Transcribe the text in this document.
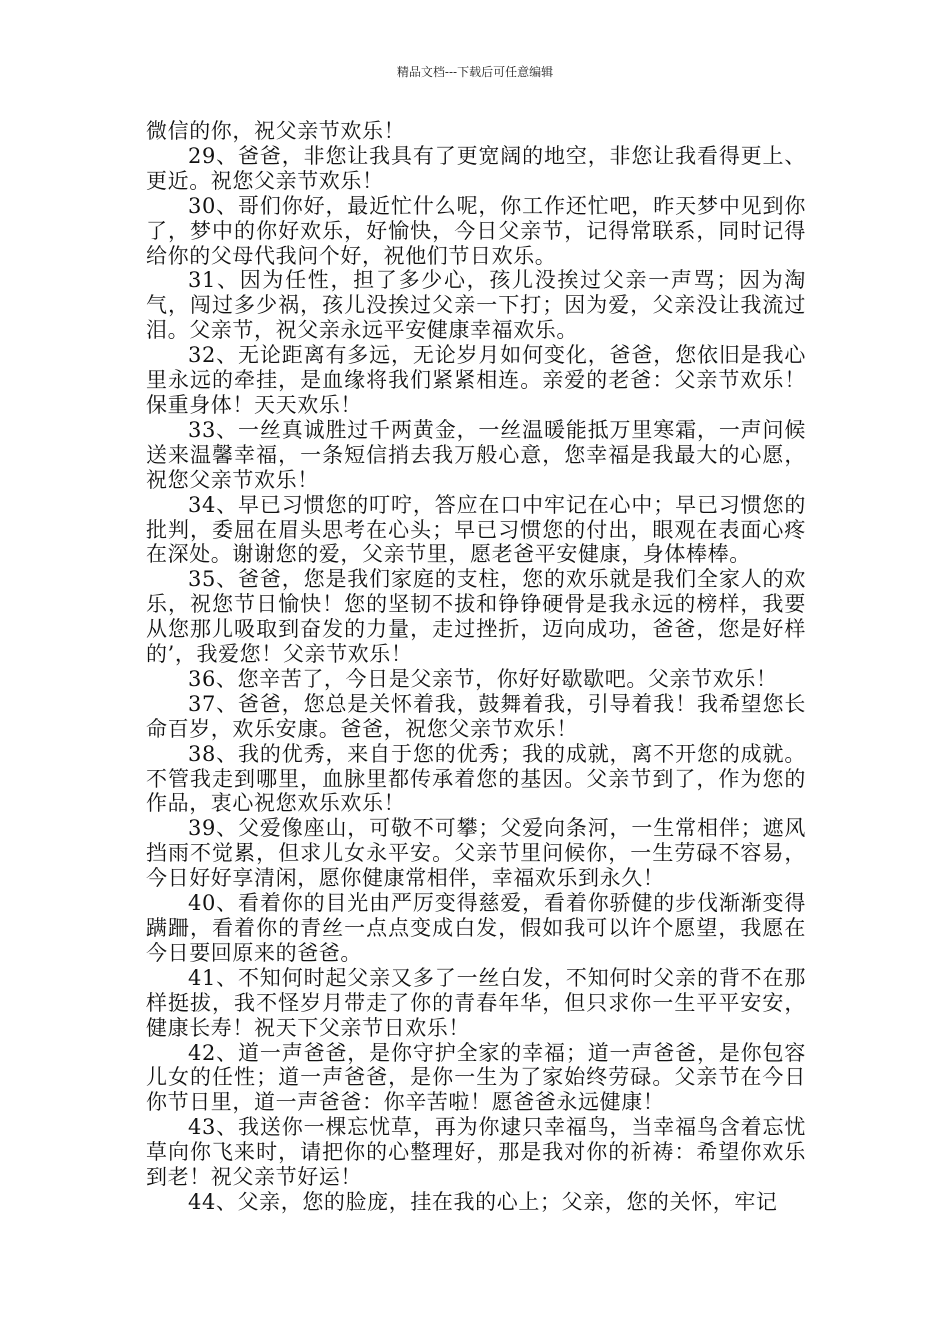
精品文档---下载后可任意编辑

微信的你，祝父亲节欢乐！

29、爸爸，非您让我具有了更宽阔的地空，非您让我看得更上、更近。祝您父亲节欢乐！

30、哥们你好，最近忙什么呢，你工作还忙吧，昨天梦中见到你了，梦中的你好欢乐，好愉快，今日父亲节，记得常联系，同时记得给你的父母代我问个好，祝他们节日欢乐。

31、因为任性，担了多少心，孩儿没挨过父亲一声骂；因为淘气，闯过多少祸，孩儿没挨过父亲一下打；因为爱，父亲没让我流过泪。父亲节，祝父亲永远平安健康幸福欢乐。

32、无论距离有多远，无论岁月如何变化，爸爸，您依旧是我心里永远的牵挂，是血缘将我们紧紧相连。亲爱的老爸：父亲节欢乐！保重身体！天天欢乐！

33、一丝真诚胜过千两黄金，一丝温暖能抵万里寒霜，一声问候送来温馨幸福，一条短信捎去我万般心意，您幸福是我最大的心愿，祝您父亲节欢乐！

34、早已习惯您的叮咛，答应在口中牢记在心中；早已习惯您的批判，委屈在眉头思考在心头；早已习惯您的付出，眼观在表面心疼在深处。谢谢您的爱，父亲节里，愿老爸平安健康，身体棒棒。

35、爸爸，您是我们家庭的支柱，您的欢乐就是我们全家人的欢乐，祝您节日愉快！您的坚韧不拔和铮铮硬骨是我永远的榜样，我要从您那儿吸取到奋发的力量，走过挫折，迈向成功，爸爸，您是好样的’，我爱您！父亲节欢乐！

36、您辛苦了，今日是父亲节，你好好歇歇吧。父亲节欢乐！

37、爸爸，您总是关怀着我，鼓舞着我，引导着我！我希望您长命百岁，欢乐安康。爸爸，祝您父亲节欢乐！

38、我的优秀，来自于您的优秀；我的成就，离不开您的成就。不管我走到哪里，血脉里都传承着您的基因。父亲节到了，作为您的作品，衷心祝您欢乐欢乐！

39、父爱像座山，可敬不可攀；父爱向条河，一生常相伴；遮风挡雨不觉累，但求儿女永平安。父亲节里问候你，一生劳碌不容易，今日好好享清闲，愿你健康常相伴，幸福欢乐到永久！

40、看着你的目光由严厉变得慈爱，看着你骄健的步伐渐渐变得蹒跚，看着你的青丝一点点变成白发，假如我可以许个愿望，我愿在今日要回原来的爸爸。

41、不知何时起父亲又多了一丝白发，不知何时父亲的背不在那样挺拔，我不怪岁月带走了你的青春年华，但只求你一生平平安安，健康长寿！祝天下父亲节日欢乐！

42、道一声爸爸，是你守护全家的幸福；道一声爸爸，是你包容儿女的任性；道一声爸爸，是你一生为了家始终劳碌。父亲节在今日你节日里，道一声爸爸：你辛苦啦！愿爸爸永远健康！

43、我送你一棵忘忧草，再为你逮只幸福鸟，当幸福鸟含着忘忧草向你飞来时，请把你的心整理好，那是我对你的祈祷：希望你欢乐到老！祝父亲节好运！

44、父亲，您的脸庞，挂在我的心上；父亲，您的关怀，牢记
